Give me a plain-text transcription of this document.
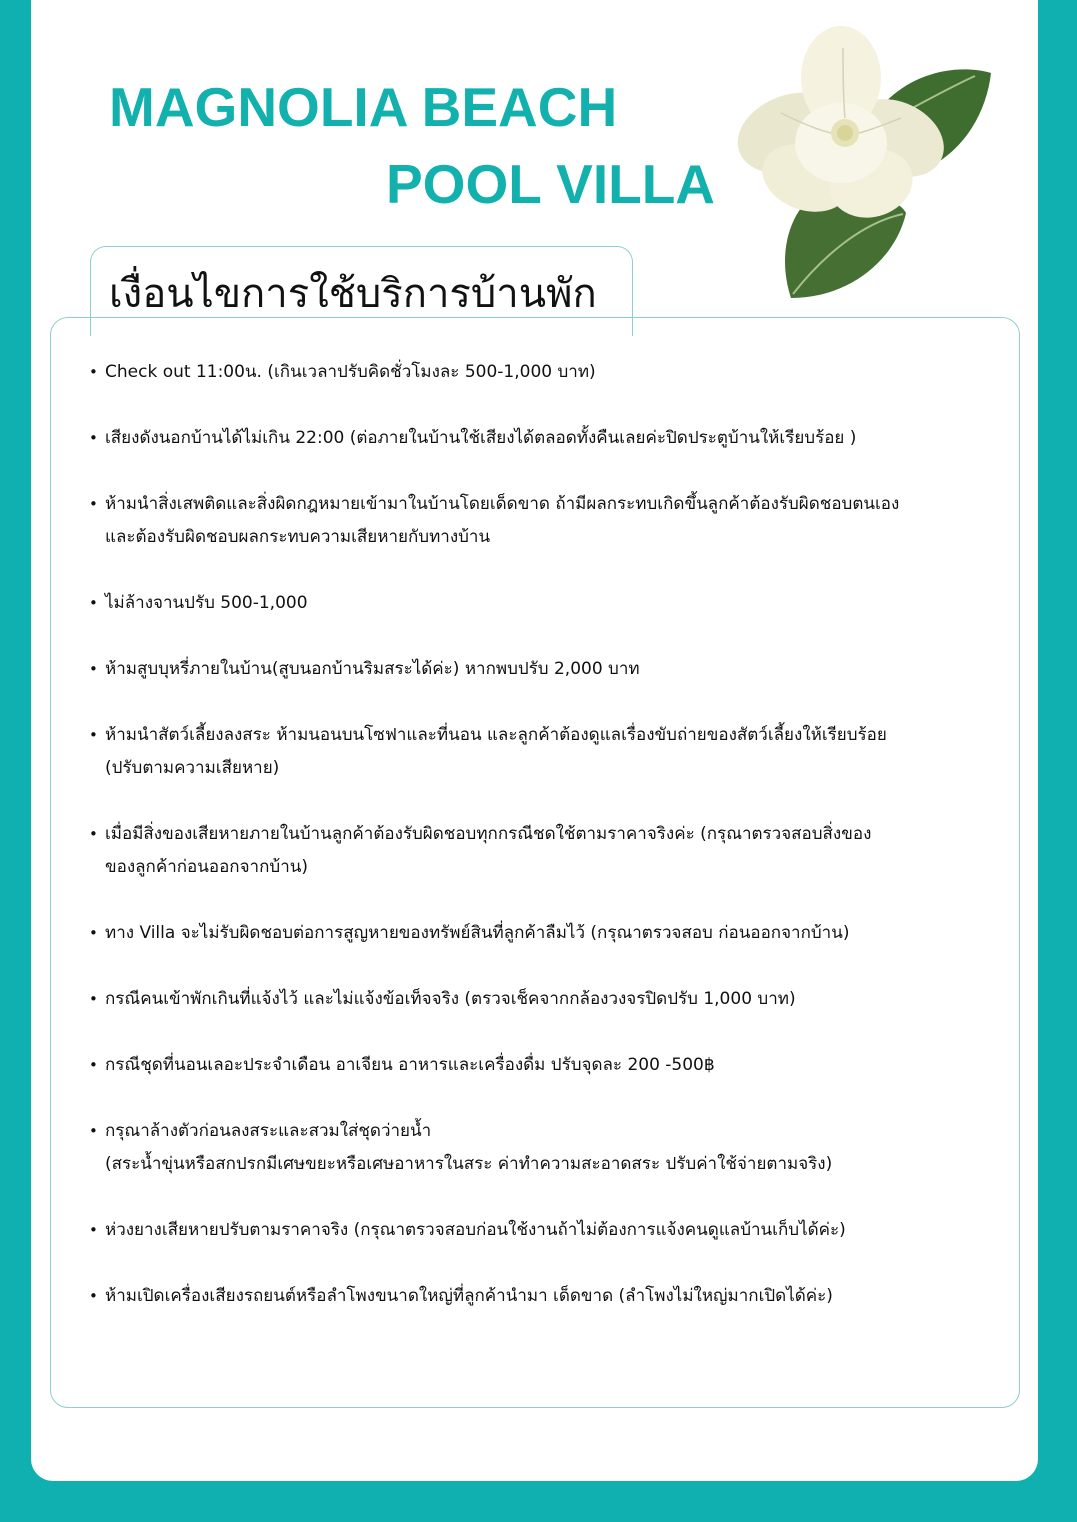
MAGNOLIA BEACH
POOL VILLA
เงื่อนไขการใช้บริการบ้านพัก
• Check out 11:00น. (เกินเวลาปรับคิดชั่วโมงละ 500-1,000 บาท)
• เสียงดังนอกบ้านได้ไม่เกิน 22:00 (ต่อภายในบ้านใช้เสียงได้ตลอดทั้งคืนเลยค่ะปิดประตูบ้านให้เรียบร้อย )
• ห้ามนำสิ่งเสพติดและสิ่งผิดกฎหมายเข้ามาในบ้านโดยเด็ดขาด ถ้ามีผลกระทบเกิดขึ้นลูกค้าต้องรับผิดชอบตนเอง
และต้องรับผิดชอบผลกระทบความเสียหายกับทางบ้าน
• ไม่ล้างจานปรับ 500-1,000
• ห้ามสูบบุหรี่ภายในบ้าน(สูบนอกบ้านริมสระได้ค่ะ) หากพบปรับ 2,000 บาท
• ห้ามนำสัตว์เลี้ยงลงสระ ห้ามนอนบนโซฟาและที่นอน และลูกค้าต้องดูแลเรื่องขับถ่ายของสัตว์เลี้ยงให้เรียบร้อย
(ปรับตามความเสียหาย)
• เมื่อมีสิ่งของเสียหายภายในบ้านลูกค้าต้องรับผิดชอบทุกกรณีชดใช้ตามราคาจริงค่ะ (กรุณาตรวจสอบสิ่งของ
ของลูกค้าก่อนออกจากบ้าน)
• ทาง Villa จะไม่รับผิดชอบต่อการสูญหายของทรัพย์สินที่ลูกค้าลืมไว้ (กรุณาตรวจสอบ ก่อนออกจากบ้าน)
• กรณีคนเข้าพักเกินที่แจ้งไว้ และไม่แจ้งข้อเท็จจริง (ตรวจเช็คจากกล้องวงจรปิดปรับ 1,000 บาท)
• กรณีชุดที่นอนเลอะประจำเดือน อาเจียน อาหารและเครื่องดื่ม ปรับจุดละ 200 -500฿
• กรุณาล้างตัวก่อนลงสระและสวมใส่ชุดว่ายน้ำ
(สระน้ำขุ่นหรือสกปรกมีเศษขยะหรือเศษอาหารในสระ ค่าทำความสะอาดสระ ปรับค่าใช้จ่ายตามจริง)
• ห่วงยางเสียหายปรับตามราคาจริง (กรุณาตรวจสอบก่อนใช้งานถ้าไม่ต้องการแจ้งคนดูแลบ้านเก็บได้ค่ะ)
• ห้ามเปิดเครื่องเสียงรถยนต์หรือลำโพงขนาดใหญ่ที่ลูกค้านำมา เด็ดขาด (ลำโพงไม่ใหญ่มากเปิดได้ค่ะ)
